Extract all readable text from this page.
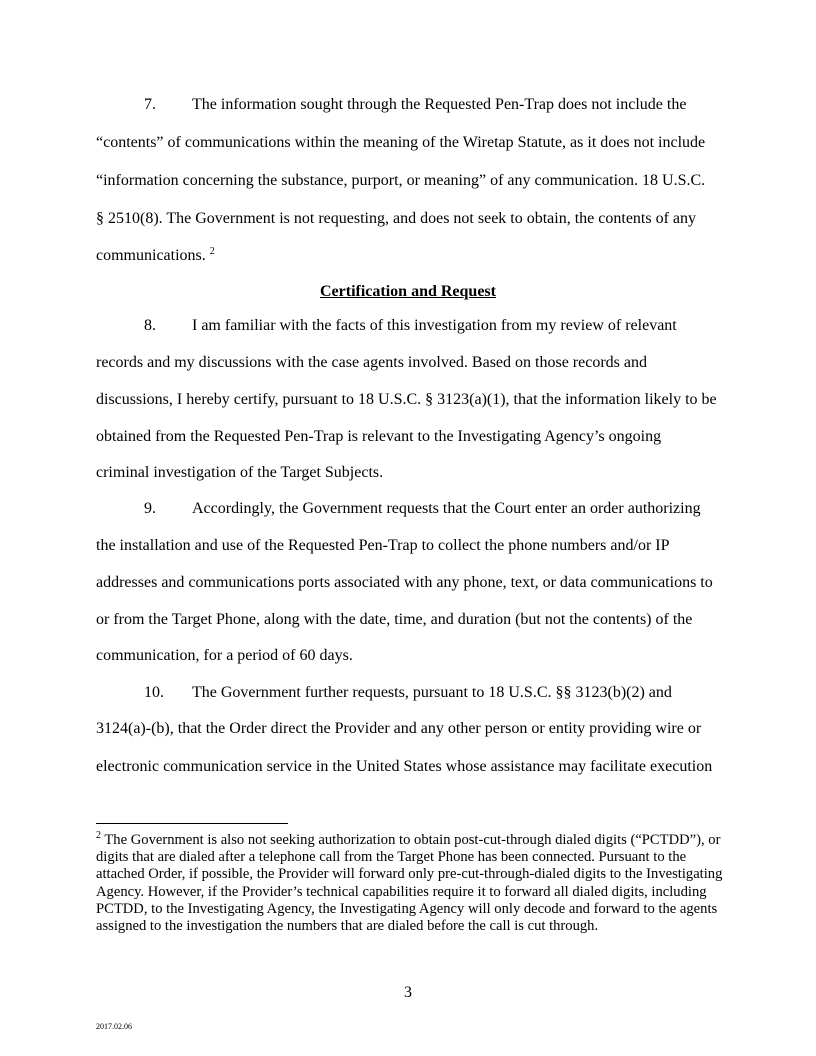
7. The information sought through the Requested Pen-Trap does not include the
“contents” of communications within the meaning of the Wiretap Statute, as it does not include
“information concerning the substance, purport, or meaning” of any communication. 18 U.S.C.
§ 2510(8). The Government is not requesting, and does not seek to obtain, the contents of any
communications. $^2$
Certification and Request
8. I am familiar with the facts of this investigation from my review of relevant
records and my discussions with the case agents involved. Based on those records and
discussions, I hereby certify, pursuant to 18 U.S.C. § 3123(a)(1), that the information likely to be
obtained from the Requested Pen-Trap is relevant to the Investigating Agency’s ongoing
criminal investigation of the Target Subjects.
9. Accordingly, the Government requests that the Court enter an order authorizing
the installation and use of the Requested Pen-Trap to collect the phone numbers and/or IP
addresses and communications ports associated with any phone, text, or data communications to
or from the Target Phone, along with the date, time, and duration (but not the contents) of the
communication, for a period of 60 days.
10. The Government further requests, pursuant to 18 U.S.C. §§ 3123(b)(2) and
3124(a)-(b), that the Order direct the Provider and any other person or entity providing wire or
electronic communication service in the United States whose assistance may facilitate execution
$^2$ The Government is also not seeking authorization to obtain post-cut-through dialed digits (“PCTDD”), or digits that are dialed after a telephone call from the Target Phone has been connected. Pursuant to the attached Order, if possible, the Provider will forward only pre-cut-through-dialed digits to the Investigating Agency. However, if the Provider’s technical capabilities require it to forward all dialed digits, including PCTDD, to the Investigating Agency, the Investigating Agency will only decode and forward to the agents assigned to the investigation the numbers that are dialed before the call is cut through.
3
2017.02.06
